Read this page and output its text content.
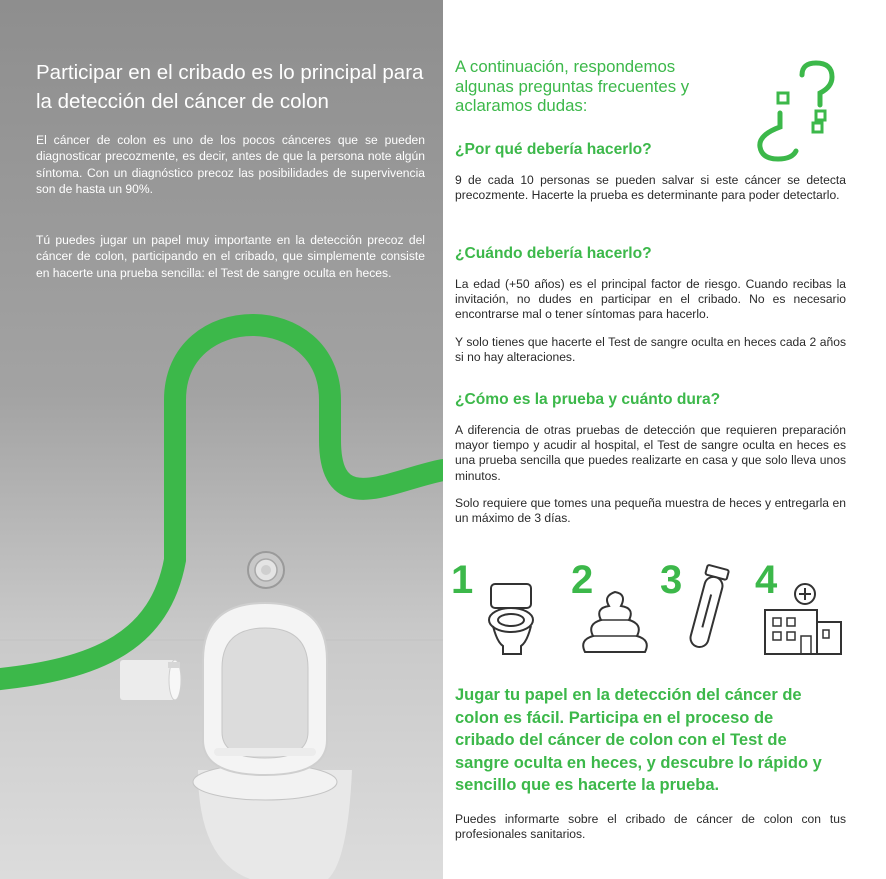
Participar en el cribado es lo principal para la detección del cáncer de colon
El cáncer de colon es uno de los pocos cánceres que se pueden diagnosticar precozmente, es decir, antes de que la persona note algún síntoma. Con un diagnóstico precoz las posibilidades de supervivencia son de hasta un 90%.
Tú puedes jugar un papel muy importante en la detección precoz del cáncer de colon, participando en el cribado, que simplemente consiste en hacerte una prueba sencilla: el Test de sangre oculta en heces.
A continuación, respondemos algunas preguntas frecuentes y aclaramos dudas:
¿Por qué debería hacerlo?
9 de cada 10 personas se pueden salvar si este cáncer se detecta precozmente. Hacerte la prueba es determinante para poder detectarlo.
¿Cuándo debería hacerlo?
La edad (+50 años) es el principal factor de riesgo. Cuando recibas la invitación, no dudes en participar en el cribado. No es necesario encontrarse mal o tener síntomas para hacerlo.
Y solo tienes que hacerte el Test de sangre oculta en heces cada 2 años si no hay alteraciones.
¿Cómo es la prueba y cuánto dura?
A diferencia de otras pruebas de detección que requieren preparación mayor tiempo y acudir al hospital, el Test de sangre oculta en heces es una prueba sencilla que puedes realizarte en casa y que solo lleva unos minutos.
Solo requiere que tomes una pequeña muestra de heces y entregarla en un máximo de 3 días.
1 2 3 4
Jugar tu papel en la detección del cáncer de colon es fácil. Participa en el proceso de cribado del cáncer de colon con el Test de sangre oculta en heces, y descubre lo rápido y sencillo que es hacerte la prueba.
Puedes informarte sobre el cribado de cáncer de colon con tus profesionales sanitarios.
